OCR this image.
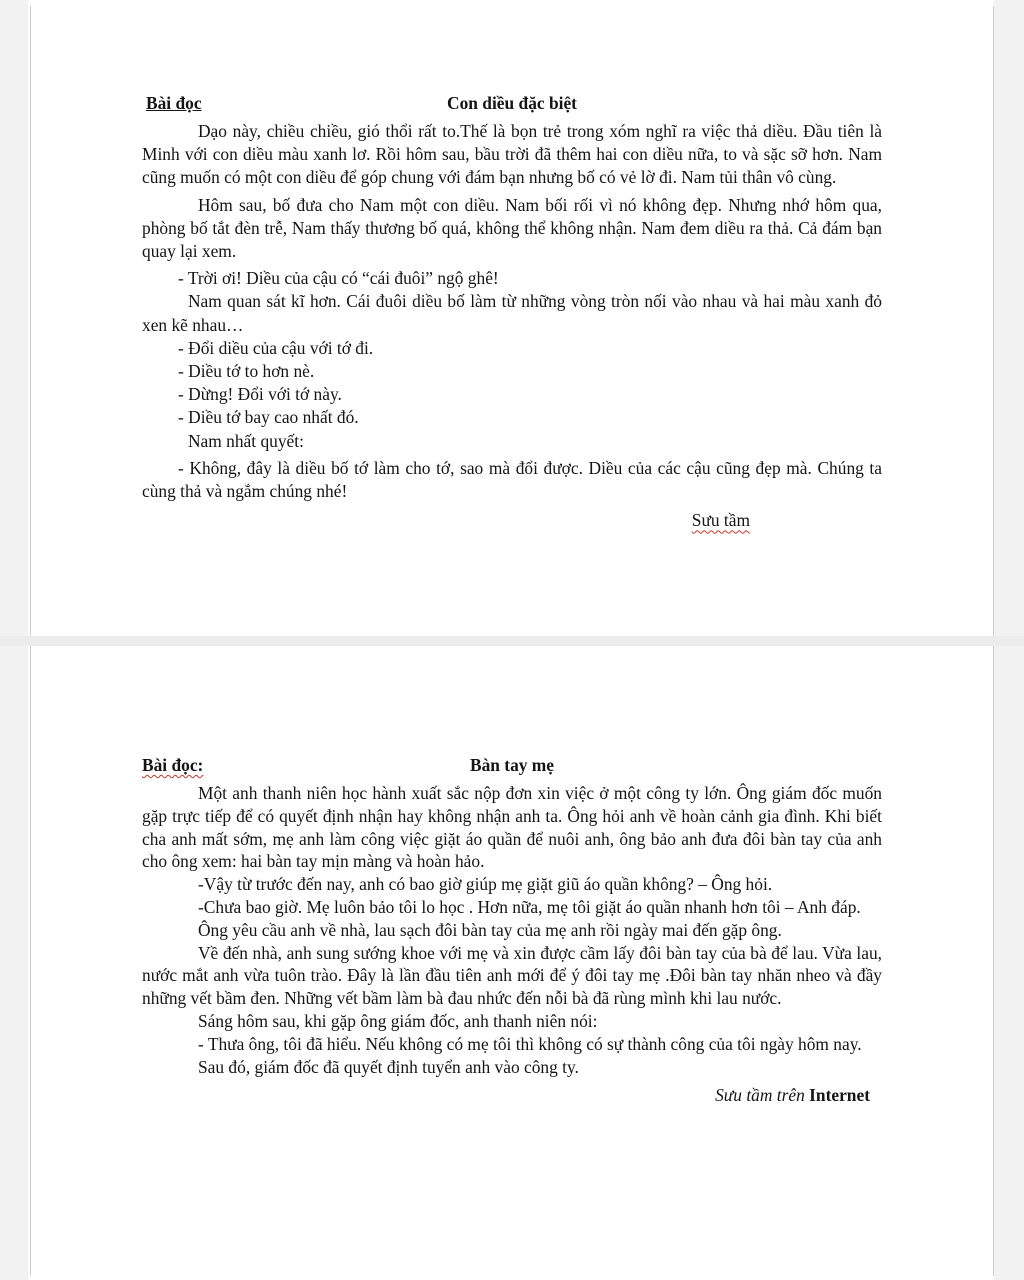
Bài đọc	Con diều đặc biệt

Dạo này, chiều chiều, gió thổi rất to.Thế là bọn trẻ trong xóm nghĩ ra việc thả diều. Đầu tiên là Minh với con diều màu xanh lơ. Rồi hôm sau, bầu trời đã thêm hai con diều nữa, to và sặc sỡ hơn. Nam cũng muốn có một con diều để góp chung với đám bạn nhưng bố có vẻ lờ đi. Nam tủi thân vô cùng.

Hôm sau, bố đưa cho Nam một con diều. Nam bối rối vì nó không đẹp. Nhưng nhớ hôm qua, phòng bố tắt đèn trễ, Nam thấy thương bố quá, không thể không nhận. Nam đem diều ra thả. Cả đám bạn quay lại xem.

- Trời ơi! Diều của cậu có “cái đuôi” ngộ ghê!

Nam quan sát kĩ hơn. Cái đuôi diều bố làm từ những vòng tròn nối vào nhau và hai màu xanh đỏ xen kẽ nhau…

- Đổi diều của cậu với tớ đi.

- Diều tớ to hơn nè.

- Dừng! Đổi với tớ này.

- Diều tớ bay cao nhất đó.

Nam nhất quyết:

- Không, đây là diều bố tớ làm cho tớ, sao mà đổi được. Diều của các cậu cũng đẹp mà. Chúng ta cùng thả và ngắm chúng nhé!

Sưu tầm
Bài đọc:	Bàn tay mẹ

Một anh thanh niên học hành xuất sắc nộp đơn xin việc ở một công ty lớn. Ông giám đốc muốn gặp trực tiếp để có quyết định nhận hay không nhận anh ta. Ông hỏi anh về hoàn cảnh gia đình. Khi biết cha anh mất sớm, mẹ anh làm công việc giặt áo quần để nuôi anh, ông bảo anh đưa đôi bàn tay của anh cho ông xem: hai bàn tay mịn màng và hoàn hảo.

-Vậy từ trước đến nay, anh có bao giờ giúp mẹ giặt giũ áo quần không? – Ông hỏi.

-Chưa bao giờ. Mẹ luôn bảo tôi lo học . Hơn nữa, mẹ tôi giặt áo quần nhanh hơn tôi – Anh đáp.

Ông yêu cầu anh về nhà, lau sạch đôi bàn tay của mẹ anh rồi ngày mai đến gặp ông.

Về đến nhà, anh sung sướng khoe với mẹ và xin được cầm lấy đôi bàn tay của bà để lau. Vừa lau, nước mắt anh vừa tuôn trào. Đây là lần đầu tiên anh mới để ý đôi tay mẹ .Đôi bàn tay nhăn nheo và đầy những vết bầm đen. Những vết bầm làm bà đau nhức đến nỗi bà đã rùng mình khi lau nước.

Sáng hôm sau, khi gặp ông giám đốc, anh thanh niên nói:

- Thưa ông, tôi đã hiểu. Nếu không có mẹ tôi thì không có sự thành công của tôi ngày hôm nay.

Sau đó, giám đốc đã quyết định tuyển anh vào công ty.

Sưu tầm trên Internet
